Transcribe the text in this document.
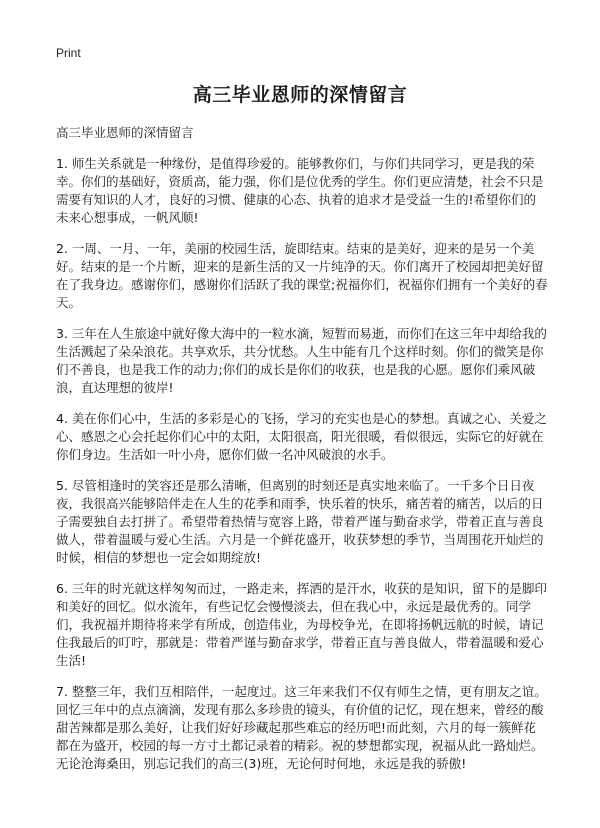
Print
高三毕业恩师的深情留言

高三毕业恩师的深情留言

1. 师生关系就是一种缘份，是值得珍爱的。能够教你们，与你们共同学习，更是我的荣幸。你们的基础好，资质高，能力强，你们是位优秀的学生。你们更应清楚，社会不只是需要有知识的人才，良好的习惯、健康的心态、执着的追求才是受益一生的!希望你们的未来心想事成，一帆风顺!

2. 一周、一月、一年，美丽的校园生活，旋即结束。结束的是美好，迎来的是另一个美好。结束的是一个片断，迎来的是新生活的又一片纯净的天。你们离开了校园却把美好留在了我身边。感谢你们，感谢你们活跃了我的课堂;祝福你们，祝福你们拥有一个美好的春天。

3. 三年在人生旅途中就好像大海中的一粒水滴，短暂而易逝，而你们在这三年中却给我的生活溅起了朵朵浪花。共享欢乐，共分忧愁。人生中能有几个这样时刻。你们的微笑是你们不善良，也是我工作的动力;你们的成长是你们的收获，也是我的心愿。愿你们乘风破浪，直达理想的彼岸!

4. 美在你们心中，生活的多彩是心的飞扬，学习的充实也是心的梦想。真诚之心、关爱之心、感恩之心会托起你们心中的太阳，太阳很高，阳光很暖，看似很远，实际它的好就在你们身边。生活如一叶小舟，愿你们做一名冲风破浪的水手。

5. 尽管相逢时的笑容还是那么清晰，但离别的时刻还是真实地来临了。一千多个日日夜夜，我很高兴能够陪伴走在人生的花季和雨季，快乐着的快乐，痛苦着的痛苦，以后的日子需要独自去打拼了。希望带着热情与宽容上路，带着严谨与勤奋求学，带着正直与善良做人，带着温暖与爱心生活。六月是一个鲜花盛开，收获梦想的季节，当周围花开灿烂的时候，相信的梦想也一定会如期绽放!

6. 三年的时光就这样匆匆而过，一路走来，挥洒的是汗水，收获的是知识，留下的是脚印和美好的回忆。似水流年，有些记忆会慢慢淡去，但在我心中，永远是最优秀的。同学们，我祝福并期待将来学有所成，创造伟业，为母校争光，在即将扬帆远航的时候，请记住我最后的叮咛，那就是：带着严谨与勤奋求学，带着正直与善良做人，带着温暖和爱心生活!

7. 整整三年，我们互相陪伴，一起度过。这三年来我们不仅有师生之情，更有朋友之谊。回忆三年中的点点滴滴，发现有那么多珍贵的镜头，有价值的记忆，现在想来，曾经的酸甜苦辣都是那么美好，让我们好好珍藏起那些难忘的经历吧!而此刻，六月的每一簇鲜花都在为盛开，校园的每一方寸土都记录着的精彩。祝的梦想都实现，祝福从此一路灿烂。无论沧海桑田，别忘记我们的高三(3)班，无论何时何地，永远是我的骄傲!
